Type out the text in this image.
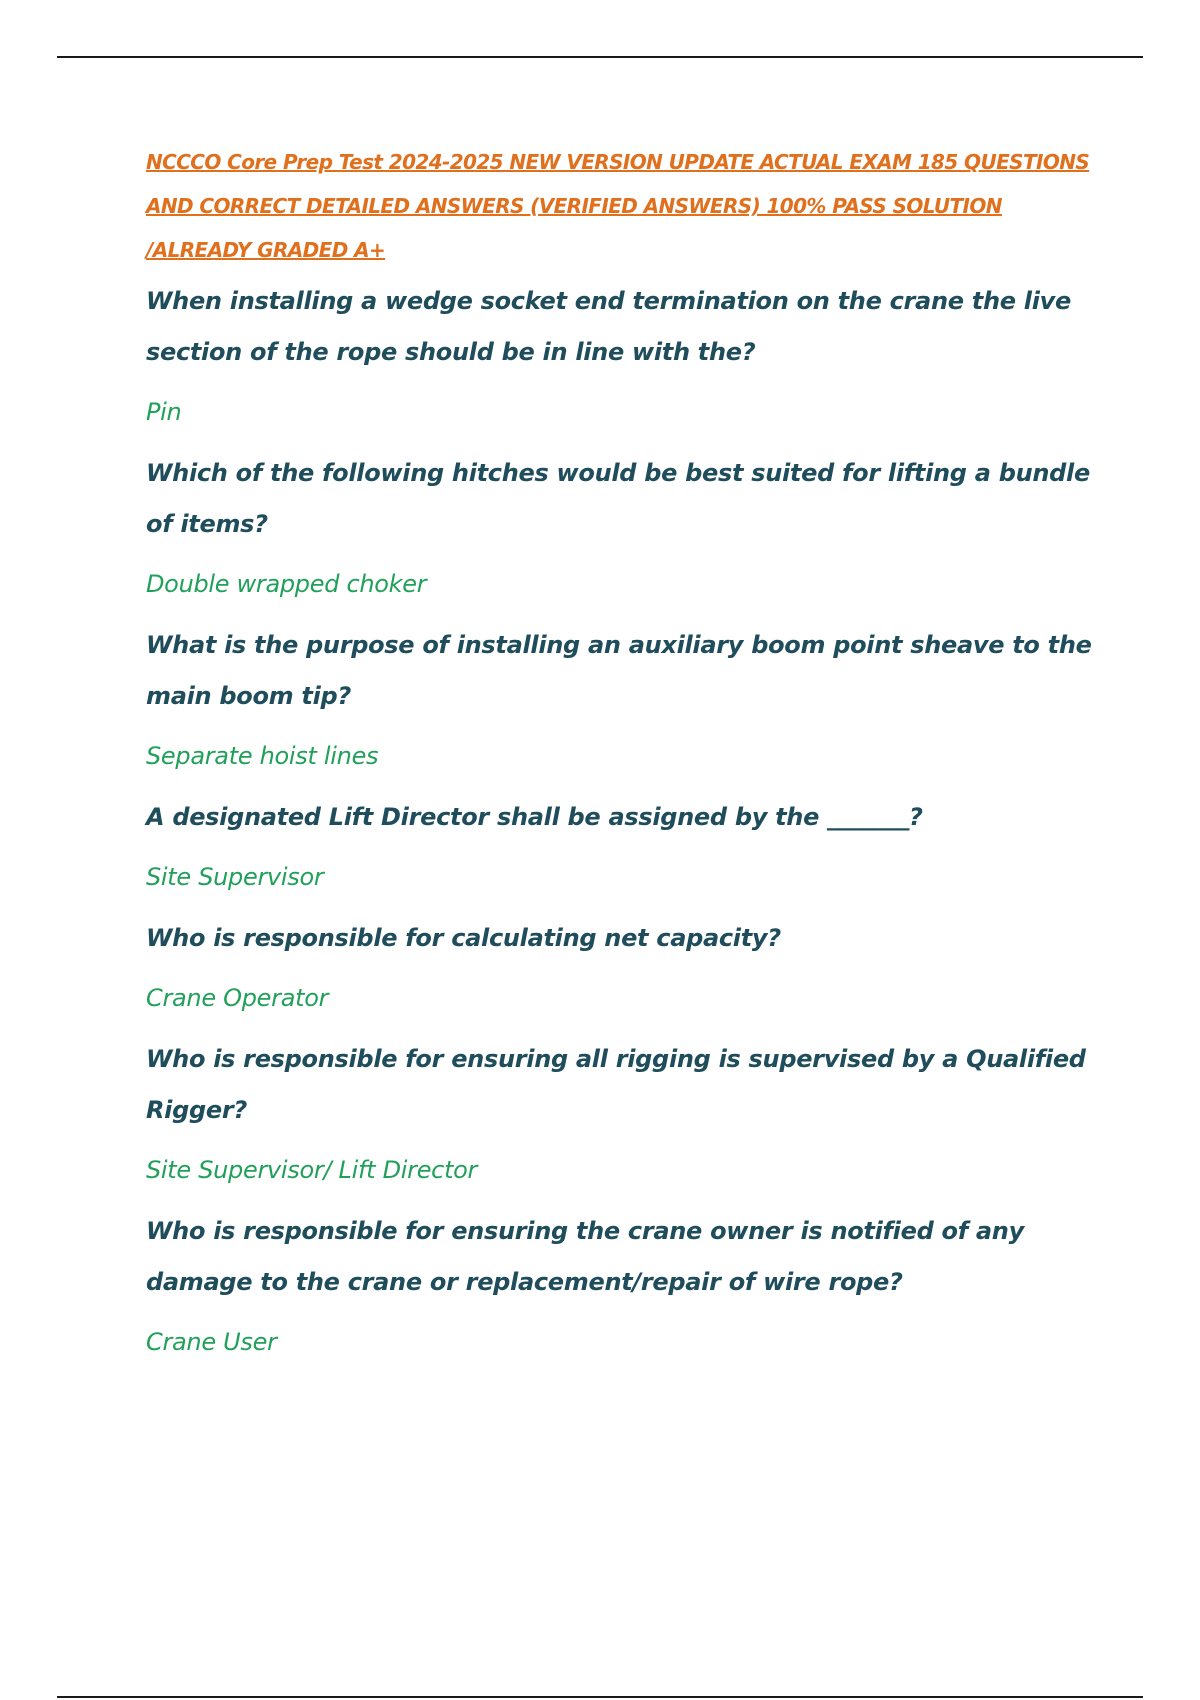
NCCCO Core Prep Test 2024-2025 NEW VERSION UPDATE ACTUAL EXAM 185 QUESTIONS AND CORRECT DETAILED ANSWERS (VERIFIED ANSWERS) 100% PASS SOLUTION /ALREADY GRADED A+

When installing a wedge socket end termination on the crane the live section of the rope should be in line with the?

Pin

Which of the following hitches would be best suited for lifting a bundle of items?

Double wrapped choker

What is the purpose of installing an auxiliary boom point sheave to the main boom tip?

Separate hoist lines

A designated Lift Director shall be assigned by the _______?

Site Supervisor

Who is responsible for calculating net capacity?

Crane Operator

Who is responsible for ensuring all rigging is supervised by a Qualified Rigger?

Site Supervisor/ Lift Director

Who is responsible for ensuring the crane owner is notified of any damage to the crane or replacement/repair of wire rope?

Crane User
